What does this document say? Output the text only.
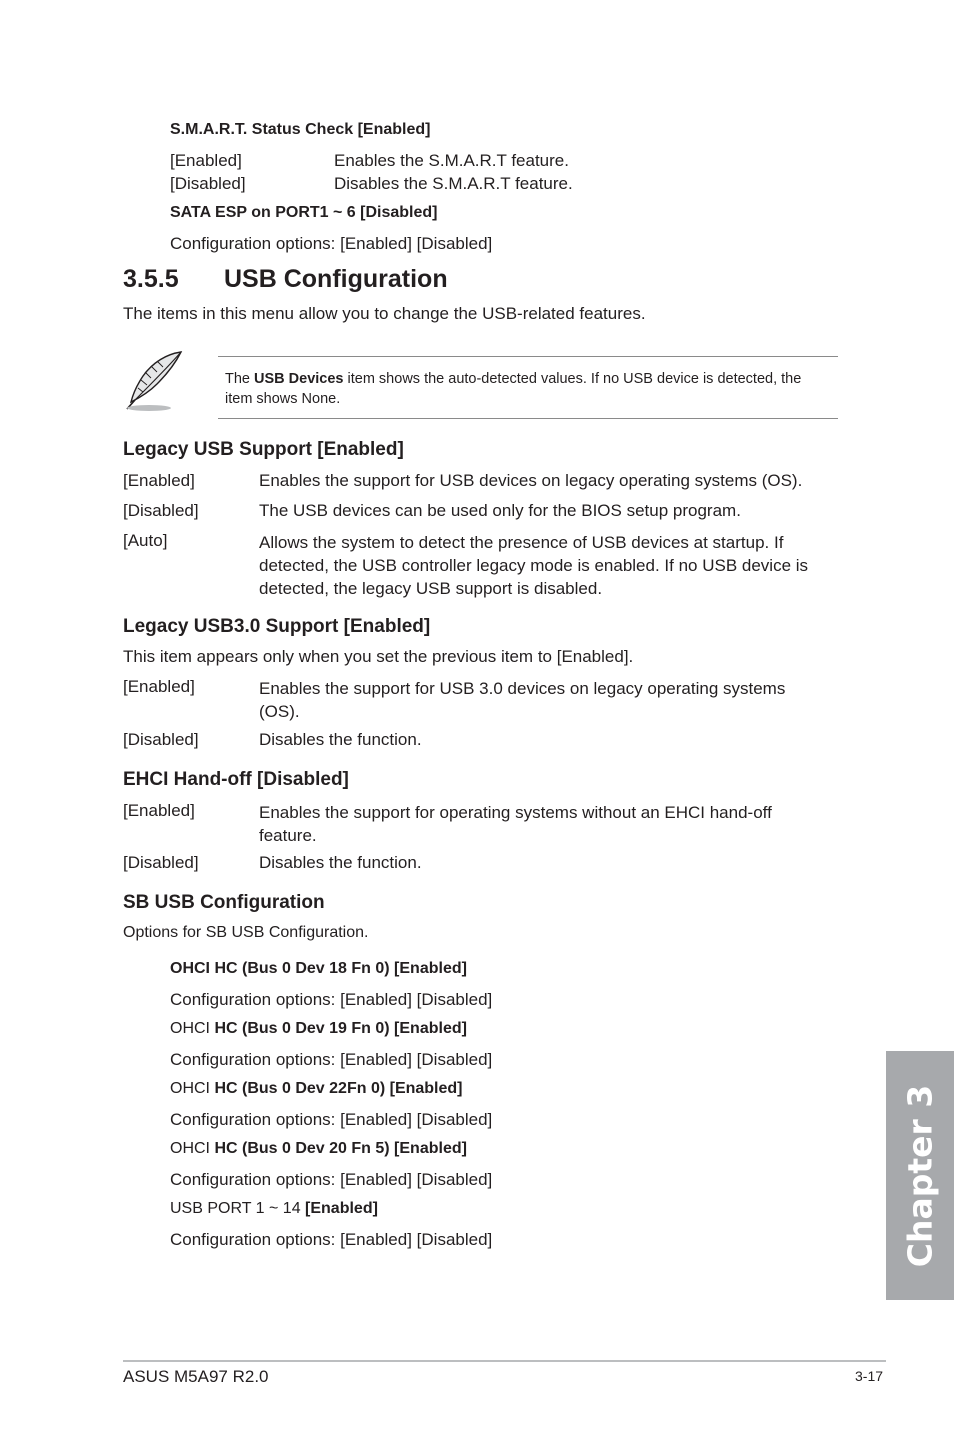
S.M.A.R.T. Status Check [Enabled]
[Enabled]	Enables the S.M.A.R.T feature.
[Disabled]	Disables the S.M.A.R.T feature.
SATA ESP on PORT1 ~ 6 [Disabled]
Configuration options: [Enabled] [Disabled]
3.5.5 USB Configuration
The items in this menu allow you to change the USB-related features.
The USB Devices item shows the auto-detected values. If no USB device is detected, the item shows None.
Legacy USB Support [Enabled]
[Enabled]	Enables the support for USB devices on legacy operating systems (OS).
[Disabled]	The USB devices can be used only for the BIOS setup program.
[Auto]	Allows the system to detect the presence of USB devices at startup. If detected, the USB controller legacy mode is enabled. If no USB device is detected, the legacy USB support is disabled.
Legacy USB3.0 Support [Enabled]
This item appears only when you set the previous item to [Enabled].
[Enabled]	Enables the support for USB 3.0 devices on legacy operating systems (OS).
[Disabled]	Disables the function.
EHCI Hand-off [Disabled]
[Enabled]	Enables the support for operating systems without an EHCI hand-off feature.
[Disabled]	Disables the function.
SB USB Configuration
Options for SB USB Configuration.
OHCI HC (Bus 0 Dev 18 Fn 0) [Enabled]
Configuration options: [Enabled] [Disabled]
OHCI HC (Bus 0 Dev 19 Fn 0) [Enabled]
Configuration options: [Enabled] [Disabled]
OHCI HC (Bus 0 Dev 22Fn 0) [Enabled]
Configuration options: [Enabled] [Disabled]
OHCI HC (Bus 0 Dev 20 Fn 5) [Enabled]
Configuration options: [Enabled] [Disabled]
USB PORT 1 ~ 14 [Enabled]
Configuration options: [Enabled] [Disabled]	Chapter 3
ASUS M5A97 R2.0	3-17
